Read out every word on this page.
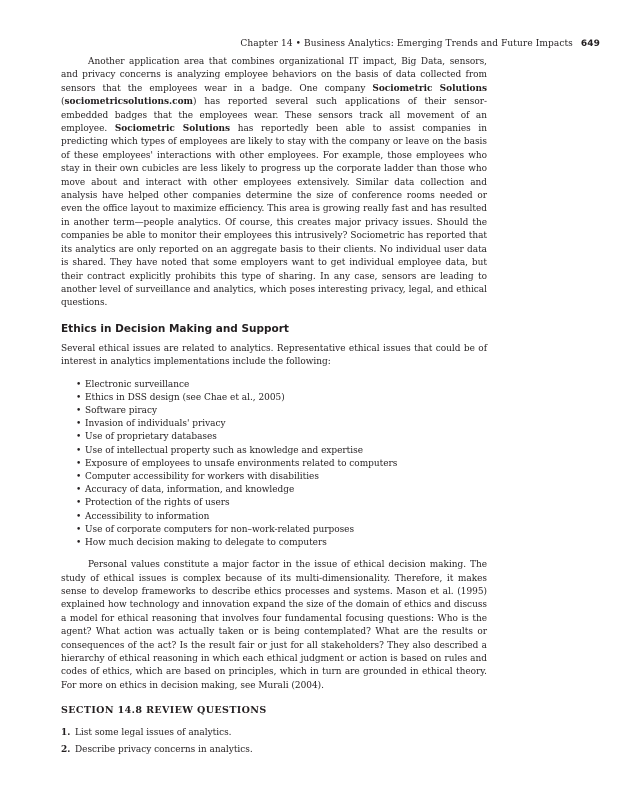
Chapter 14 • Business Analytics: Emerging Trends and Future Impacts 649

Another application area that combines organizational IT impact, Big Data, sensors, and privacy concerns is analyzing employee behaviors on the basis of data collected from sensors that the employees wear in a badge. One company Sociometric Solutions (sociometricsolutions.com) has reported several such applications of their sensor-embedded badges that the employees wear. These sensors track all movement of an employee. Sociometric Solutions has reportedly been able to assist companies in predicting which types of employees are likely to stay with the company or leave on the basis of these employees' interactions with other employees. For example, those employees who stay in their own cubicles are less likely to progress up the corporate ladder than those who move about and interact with other employees extensively. Similar data collection and analysis have helped other companies determine the size of conference rooms needed or even the office layout to maximize efficiency. This area is growing really fast and has resulted in another term—people analytics. Of course, this creates major privacy issues. Should the companies be able to monitor their employees this intrusively? Sociometric has reported that its analytics are only reported on an aggregate basis to their clients. No individual user data is shared. They have noted that some employers want to get individual employee data, but their contract explicitly prohibits this type of sharing. In any case, sensors are leading to another level of surveillance and analytics, which poses interesting privacy, legal, and ethical questions.

Ethics in Decision Making and Support

Several ethical issues are related to analytics. Representative ethical issues that could be of interest in analytics implementations include the following:

• Electronic surveillance
• Ethics in DSS design (see Chae et al., 2005)
• Software piracy
• Invasion of individuals' privacy
• Use of proprietary databases
• Use of intellectual property such as knowledge and expertise
• Exposure of employees to unsafe environments related to computers
• Computer accessibility for workers with disabilities
• Accuracy of data, information, and knowledge
• Protection of the rights of users
• Accessibility to information
• Use of corporate computers for non–work-related purposes
• How much decision making to delegate to computers

Personal values constitute a major factor in the issue of ethical decision making. The study of ethical issues is complex because of its multi-dimensionality. Therefore, it makes sense to develop frameworks to describe ethics processes and systems. Mason et al. (1995) explained how technology and innovation expand the size of the domain of ethics and discuss a model for ethical reasoning that involves four fundamental focusing questions: Who is the agent? What action was actually taken or is being contemplated? What are the results or consequences of the act? Is the result fair or just for all stakeholders? They also described a hierarchy of ethical reasoning in which each ethical judgment or action is based on rules and codes of ethics, which are based on principles, which in turn are grounded in ethical theory. For more on ethics in decision making, see Murali (2004).

SECTION 14.8 REVIEW QUESTIONS
1. List some legal issues of analytics.
2. Describe privacy concerns in analytics.
